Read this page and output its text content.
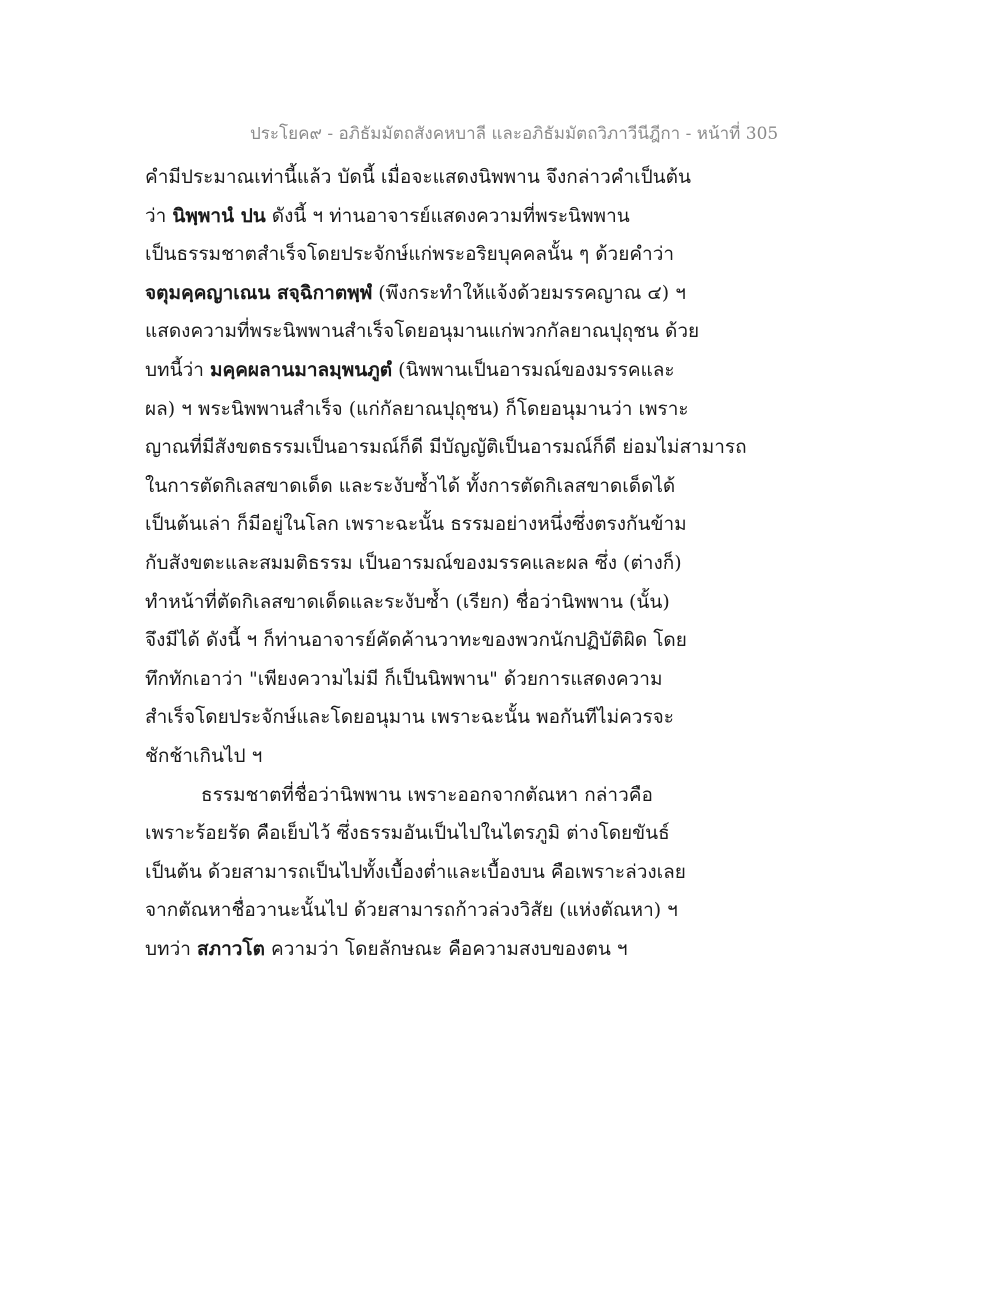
ประโยค๙ - อภิธัมมัตถสังคหบาลี และอภิธัมมัตถวิภาวีนีฎีกา - หน้าที่ 305
คำมีประมาณเท่านี้แล้ว บัดนี้ เมื่อจะแสดงนิพพาน จึงกล่าวคำเป็นต้น
ว่า นิพฺพานํ ปน ดังนี้ ฯ ท่านอาจารย์แสดงความที่พระนิพพาน
เป็นธรรมชาตสำเร็จโดยประจักษ์แก่พระอริยบุคคลนั้น ๆ ด้วยคำว่า
จตุมคฺคญาเณน สจฺฉิกาตพฺพํ (พึงกระทำให้แจ้งด้วยมรรคญาณ ๔) ฯ
แสดงความที่พระนิพพานสำเร็จโดยอนุมานแก่พวกกัลยาณปุถุชน ด้วย
บทนี้ว่า มคฺคผลานมาลมฺพนภูตํ (นิพพานเป็นอารมณ์ของมรรคและ
ผล) ฯ พระนิพพานสำเร็จ (แก่กัลยาณปุถุชน) ก็โดยอนุมานว่า เพราะ
ญาณที่มีสังขตธรรมเป็นอารมณ์ก็ดี มีบัญญัติเป็นอารมณ์ก็ดี ย่อมไม่สามารถ
ในการตัดกิเลสขาดเด็ด และระงับซ้ำได้ ทั้งการตัดกิเลสขาดเด็ดได้
เป็นต้นเล่า ก็มีอยู่ในโลก เพราะฉะนั้น ธรรมอย่างหนึ่งซึ่งตรงกันข้าม
กับสังขตะและสมมติธรรม เป็นอารมณ์ของมรรคและผล ซึ่ง (ต่างก็)
ทำหน้าที่ตัดกิเลสขาดเด็ดและระงับซ้ำ (เรียก) ชื่อว่านิพพาน (นั้น)
จึงมีได้ ดังนี้ ฯ ก็ท่านอาจารย์คัดค้านวาทะของพวกนักปฏิบัติผิด โดย
ทึกทักเอาว่า "เพียงความไม่มี ก็เป็นนิพพาน" ด้วยการแสดงความ
สำเร็จโดยประจักษ์และโดยอนุมาน เพราะฉะนั้น พอกันทีไม่ควรจะ
ชักช้าเกินไป ฯ
ธรรมชาตที่ชื่อว่านิพพาน เพราะออกจากตัณหา กล่าวคือ
เพราะร้อยรัด คือเย็บไว้ ซึ่งธรรมอันเป็นไปในไตรภูมิ ต่างโดยขันธ์
เป็นต้น ด้วยสามารถเป็นไปทั้งเบื้องต่ำและเบื้องบน คือเพราะล่วงเลย
จากตัณหาชื่อวานะนั้นไป ด้วยสามารถก้าวล่วงวิสัย (แห่งตัณหา) ฯ
บทว่า สภาวโต ความว่า โดยลักษณะ คือความสงบของตน ฯ
